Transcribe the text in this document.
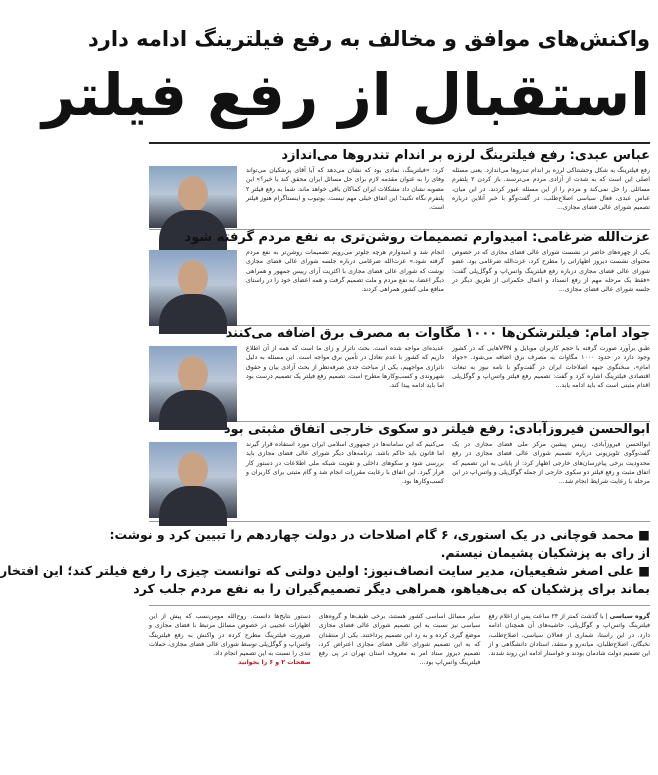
واکنش‌های موافق و مخالف به رفع فیلترینگ ادامه دارد
استقبال از رفع فیلتر
عباس عبدی: رفع فیلترینگ لرزه بر اندام تندروها می‌اندازد

رفع فیلترینگ به شکل وحشتناکی لرزه بر اندام تندروها می‌اندازد. یعنی مسئله اصلی این است که به شدت از آزادی مردم می‌ترسند. باز کردن ۲ پلتفرم مسائلی را حل نمی‌کند و مردم را از این مسئله عبور کردند. در این میان، عباس عبدی، فعال سیاسی اصلاح‌طلب، در گفت‌وگو با خبر آنلاین درباره تصمیم شورای عالی فضای مجازی...

کرد: «فیلترینگ، نمادی بود که نشان می‌دهد که آیا آقای پزشکیان می‌تواند وفای را به عنوان مقدمه لازم برای حل مسائل ایران محقق کند یا خیر؟» این مصوبه نشان داد مشکلات ایران کماکان باقی خواهد ماند. شما به رفع فیلتر ۲ پلتفرم نگاه نکنید؛ این اتفاق خیلی مهم نیست. یوتیوب و اینستاگرام هنوز فیلتر است.

عزت‌الله ضرغامی: امیدوارم تصمیمات روشن‌تری به نفع مردم گرفته شود

یکی از چهره‌های حاضر در نشست شورای عالی فضای مجازی که در خصوص محتوای نشست دیروز اظهاراتی را مطرح کرد، عزت‌الله ضرغامی بود. عضو شورای عالی فضای مجازی درباره رفع فیلترینگ واتس‌اپ و گوگل‌پلی گفت: «فقط یک مرحله مهم از رفع انسداد و اعمال حکمرانی از طریق دیگر در جلسه شورای عالی فضای مجازی...

انجام شد و امیدوارم هرچه جلوتر می‌رویم تصمیمات روشن‌تر به نفع مردم گرفته شود.» عزت‌الله ضرغامی درباره جلسه شورای عالی فضای مجازی نوشت که شورای عالی فضای مجازی با اکثریت آرای رییس جمهور و همراهی دیگر اعضا، به نفع مردم و ملت تصمیم گرفت و همه اعضای خود را در راستای منافع ملی کشور همراهی کردند.

جواد امام: فیلترشکن‌ها ۱۰۰۰ مگاوات به مصرف برق اضافه می‌کنند

طبق برآورد صورت گرفته با حجم کاربران موبایل و VPNهایی که در کشور وجود دارد در حدود ۱۰۰۰ مگاوات به مصرف برق اضافه می‌شود. «جواد امام»، سخنگوی جبهه اصلاحات ایران در گفت‌وگو با نامه نیوز به تبعات اقتصادی فیلترینگ اشاره کرد و گفت: تصمیم رفع فیلتر واتس‌اپ و گوگل‌پلی اقدام مثبتی است که باید ادامه یابد...

عدیده‌ای مواجه شده است. بحث نا‌تراز و زای ما است که همه از آن اطلاع داریم که کشور با عدم تعادل در تأمین برق مواجه است. این مسئله به دلیل نا‌ترازی مواجهیم، یکی از مباحث جدی صرفه‌نظر از بحث آزادی بیان و حقوق شهروندی و کسب‌وکارها مطرح است. تصمیم رفع فیلتر یک تصمیم درست بود اما باید ادامه پیدا کند.

ابوالحسن فیروزآبادی: رفع فیلتر دو سکوی خارجی اتفاق مثبتی بود

ابوالحسن فیروزآبادی، رییس پیشین مرکز ملی فضای مجازی در یک گفت‌وگوی تلویزیونی درباره تصمیم شورای عالی فضای مجازی در رفع محدودیت برخی پیام‌رسان‌های خارجی اظهار کرد: از پایانی به این تصمیم که اتفاق مثبت و رفع فیلتر دو سکوی خارجی از جمله گوگل‌پلی و واتس‌اپ در این مرحله با رعایت شرایط انجام شد...

می‌کنیم که این سامانه‌ها در جمهوری اسلامی ایران مورد استفاده قرار گیرند اما قانون باید حاکم باشد. برنامه‌های دیگر شورای عالی فضای مجازی باید بررسی شود و سکوهای داخلی و تقویت شبکه ملی اطلاعات در دستور کار قرار گیرد. این اتفاق با رعایت مقررات انجام شد و گام مثبتی برای کاربران و کسب‌وکارها بود.

■ محمد قوچانی در یک استوری، ۶ گام اصلاحات در دولت چهاردهم را تبیین کرد و نوشت:

از رای به پزشکیان پشیمان نیستم.

■ علی اصغر شفیعیان، مدیر سایت انصاف‌نیوز: اولین دولتی که توانست چیزی را رفع فیلتر کند؛ این افتخار

بماند برای پزشکیان که بی‌هیاهو، همراهی دیگر تصمیم‌گیران را به نفع مردم جلب کرد

گروه سیاسی | با گذشت کمتر از ۲۴ ساعت پس از اعلام رفع فیلترینگ واتس‌اپ و گوگل‌پلی، حاشیه‌های آن همچنان ادامه دارد. در این راستا، شماری از فعالان سیاسی، اصلاح‌طلب، نخبگان، اصلاح‌طلبان، میانه‌رو و منتقد، استادان دانشگاهی و از این تصمیم دولت شادمان بودند و خواستار ادامه این روند شدند.

سایر مسائل اساسی کشور هستند، برخی طیف‌ها و گروه‌های سیاسی نیز نسبت به این تصمیم شورای عالی فضای مجازی موضع گیری کرده و به رد این تصمیم پرداختند. یکی از منتقدان که به این تصمیم شورای عالی فضای مجازی اعتراض کرد، تصمیم دیروز ستاد امر به معروف استان تهران در پی رفع فیلترینگ واتس‌اپ بود...

دستور نتایج‌ها دانست. روح‌الله مومن‌نسب که پیش از این اظهارات عجیبی در خصوص مسائل مرتبط با فضای مجازی و ضرورت فیلترینگ مطرح کرده در واکنش به رفع فیلترینگ واتس‌اپ و گوگل‌پلی توسط شورای عالی فضای مجازی، حملات تندی را نسبت به این تصمیم انجام داد.
صفحات ۲ و ۶ را بخوانید
